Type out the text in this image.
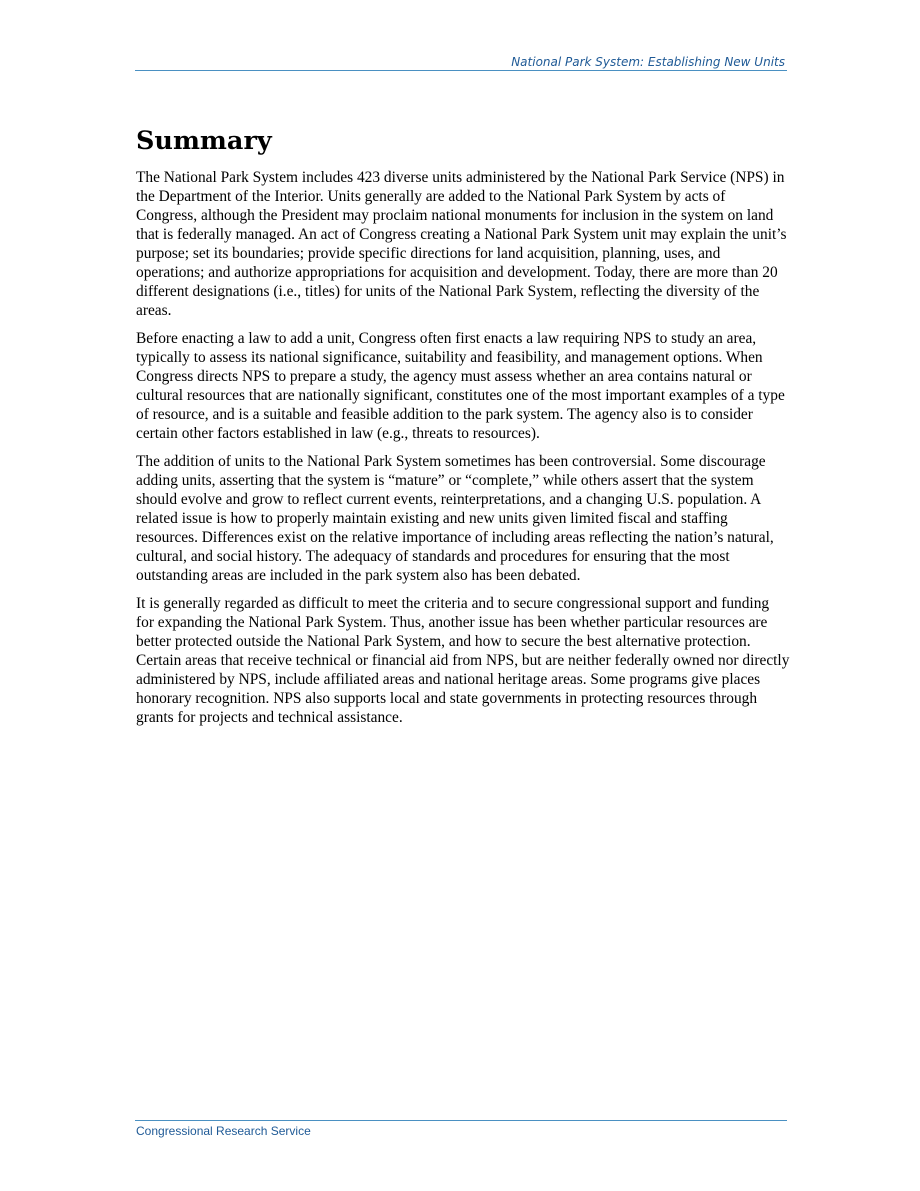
National Park System: Establishing New Units
Summary

The National Park System includes 423 diverse units administered by the National Park Service (NPS) in the Department of the Interior. Units generally are added to the National Park System by acts of Congress, although the President may proclaim national monuments for inclusion in the system on land that is federally managed. An act of Congress creating a National Park System unit may explain the unit’s purpose; set its boundaries; provide specific directions for land acquisition, planning, uses, and operations; and authorize appropriations for acquisition and development. Today, there are more than 20 different designations (i.e., titles) for units of the National Park System, reflecting the diversity of the areas.

Before enacting a law to add a unit, Congress often first enacts a law requiring NPS to study an area, typically to assess its national significance, suitability and feasibility, and management options. When Congress directs NPS to prepare a study, the agency must assess whether an area contains natural or cultural resources that are nationally significant, constitutes one of the most important examples of a type of resource, and is a suitable and feasible addition to the park system. The agency also is to consider certain other factors established in law (e.g., threats to resources).

The addition of units to the National Park System sometimes has been controversial. Some discourage adding units, asserting that the system is “mature” or “complete,” while others assert that the system should evolve and grow to reflect current events, reinterpretations, and a changing U.S. population. A related issue is how to properly maintain existing and new units given limited fiscal and staffing resources. Differences exist on the relative importance of including areas reflecting the nation’s natural, cultural, and social history. The adequacy of standards and procedures for ensuring that the most outstanding areas are included in the park system also has been debated.

It is generally regarded as difficult to meet the criteria and to secure congressional support and funding for expanding the National Park System. Thus, another issue has been whether particular resources are better protected outside the National Park System, and how to secure the best alternative protection. Certain areas that receive technical or financial aid from NPS, but are neither federally owned nor directly administered by NPS, include affiliated areas and national heritage areas. Some programs give places honorary recognition. NPS also supports local and state governments in protecting resources through grants for projects and technical assistance.

Congressional Research Service
